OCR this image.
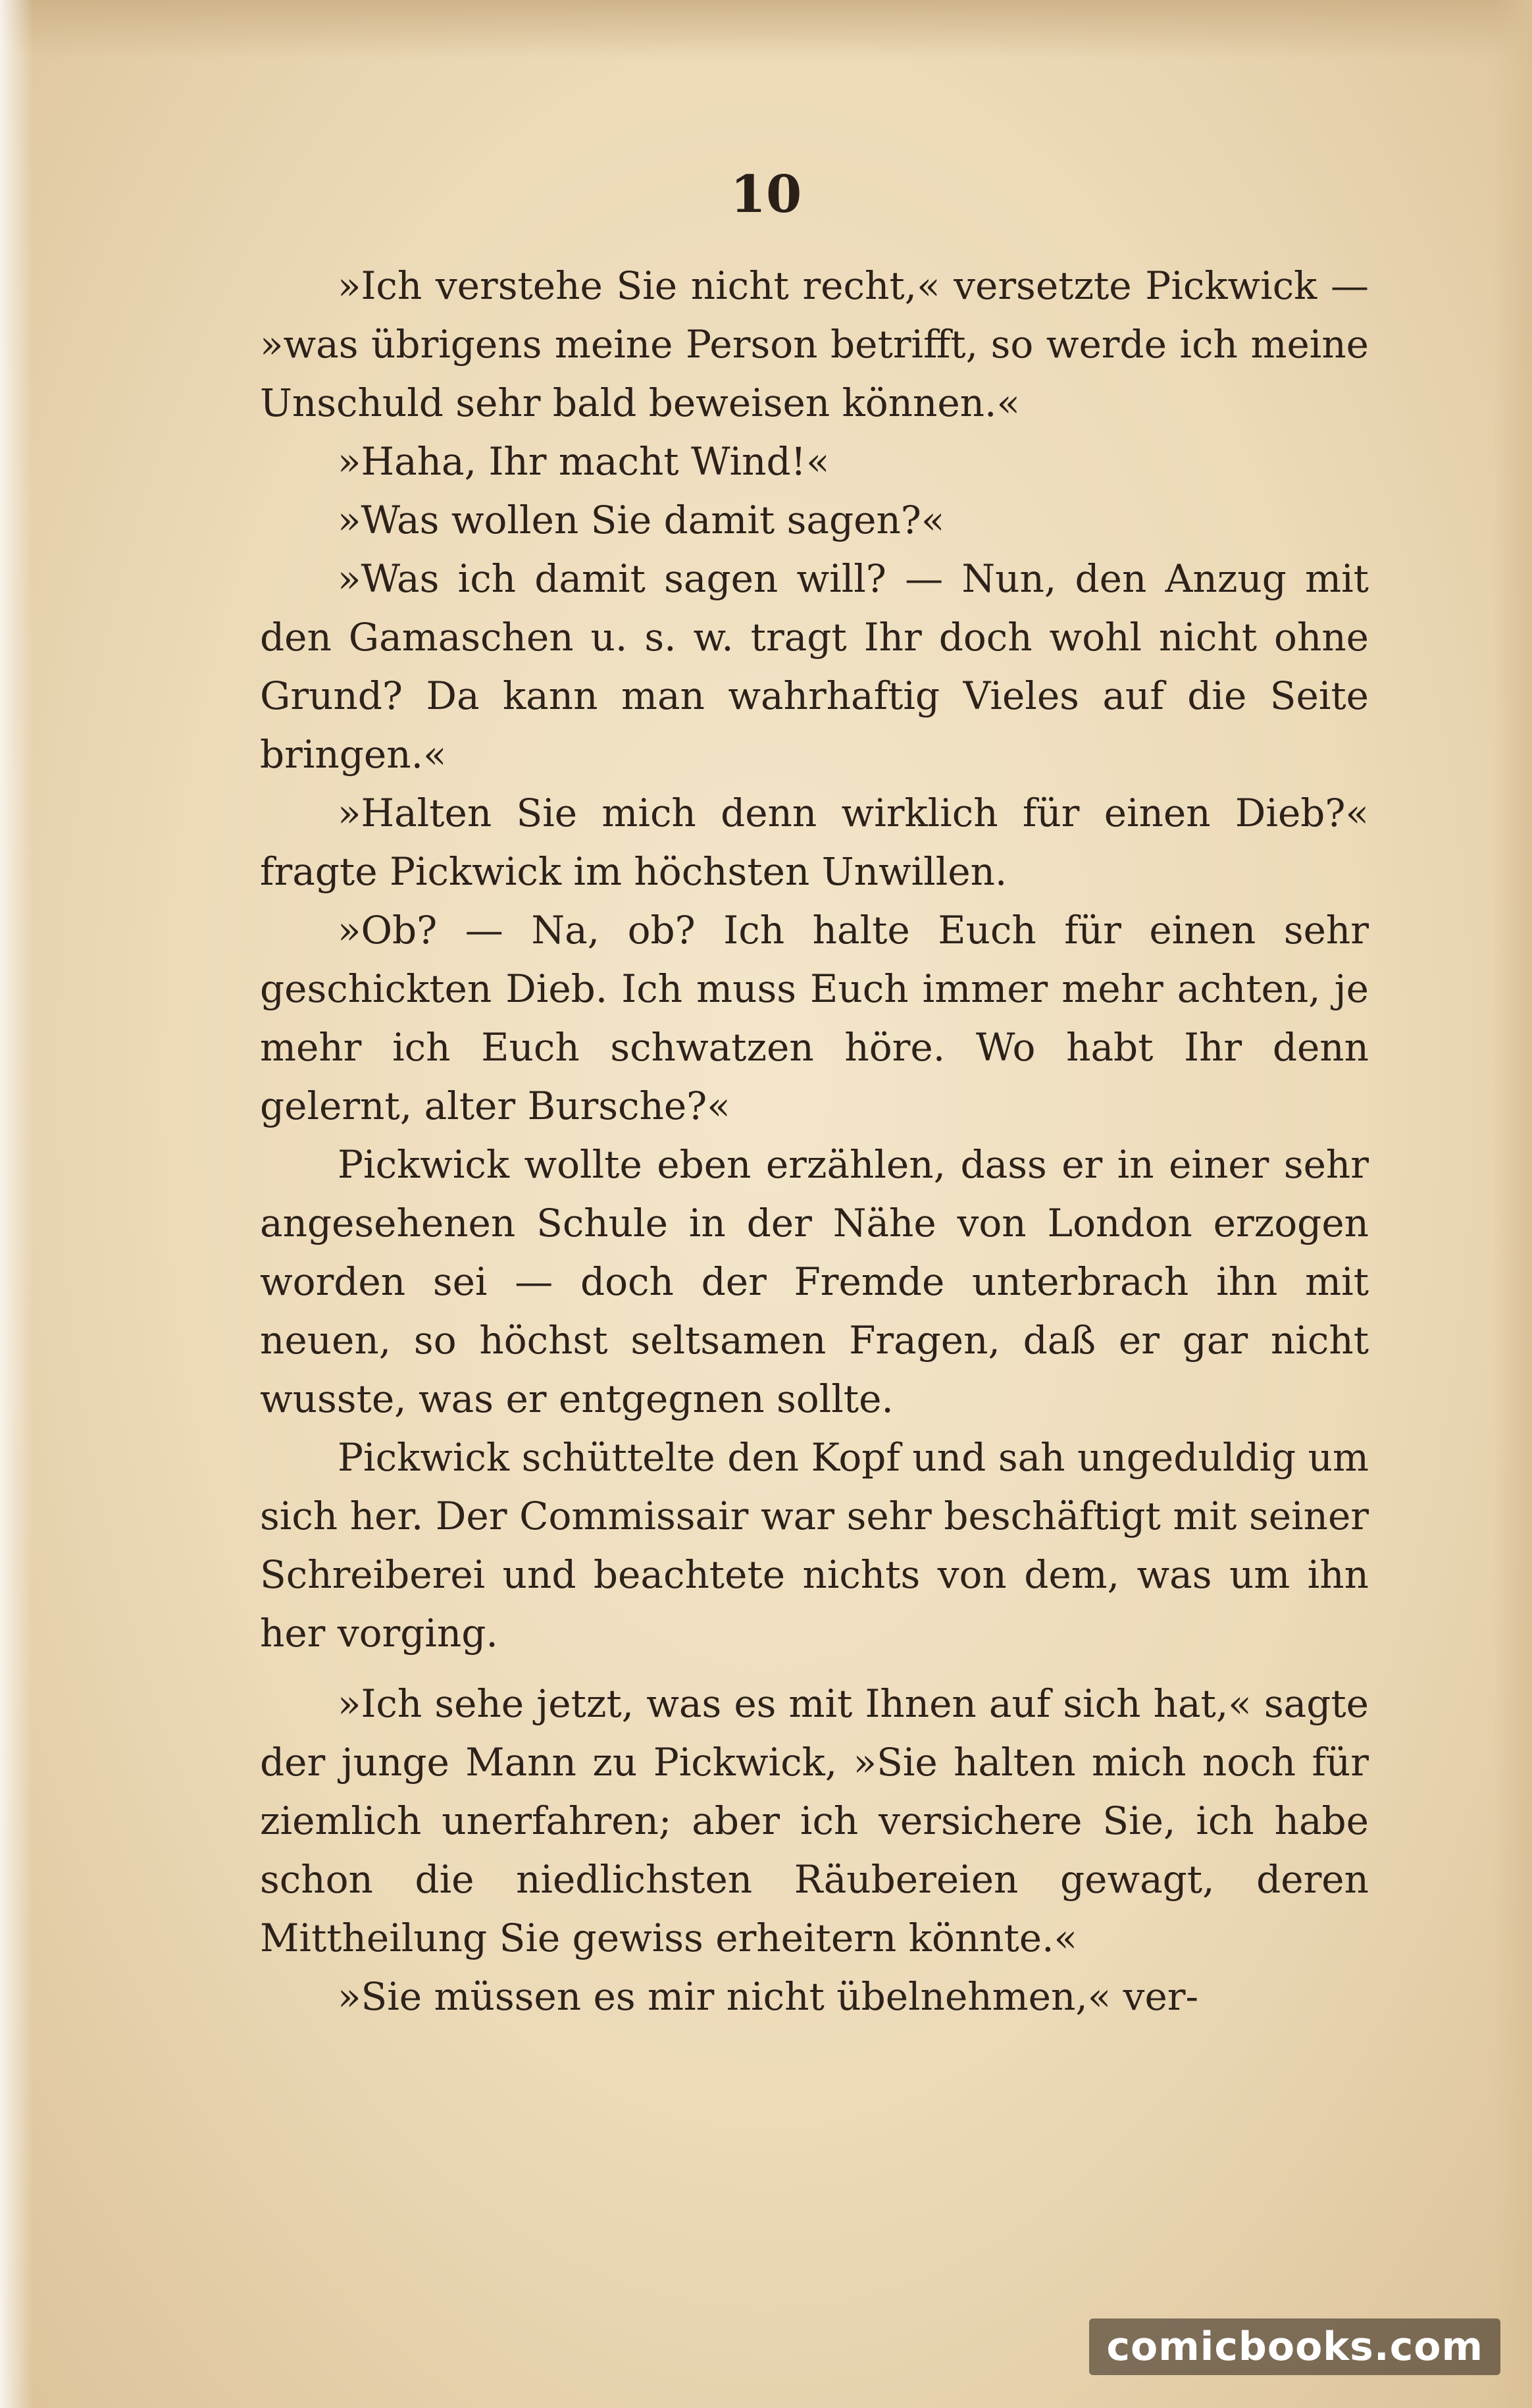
10

»Ich verstehe Sie nicht recht,« versetzte Pickwick — »was übrigens meine Person betrifft, so werde ich meine Unschuld sehr bald beweisen können.«

»Haha, Ihr macht Wind!«

»Was wollen Sie damit sagen?«

»Was ich damit sagen will? — Nun, den Anzug mit den Gamaschen u. s. w. tragt Ihr doch wohl nicht ohne Grund? Da kann man wahrhaftig Vieles auf die Seite bringen.«

»Halten Sie mich denn wirklich für einen Dieb?« fragte Pickwick im höchsten Unwillen.

»Ob? — Na, ob? Ich halte Euch für einen sehr geschickten Dieb. Ich muss Euch immer mehr achten, je mehr ich Euch schwatzen höre. Wo habt Ihr denn gelernt, alter Bursche?«

Pickwick wollte eben erzählen, dass er in einer sehr angesehenen Schule in der Nähe von London erzogen worden sei — doch der Fremde unterbrach ihn mit neuen, so höchst seltsamen Fragen, daß er gar nicht wusste, was er entgegnen sollte.

Pickwick schüttelte den Kopf und sah ungeduldig um sich her. Der Commissair war sehr beschäftigt mit seiner Schreiberei und beachtete nichts von dem, was um ihn her vorging.

»Ich sehe jetzt, was es mit Ihnen auf sich hat,« sagte der junge Mann zu Pickwick, »Sie halten mich noch für ziemlich unerfahren; aber ich versichere Sie, ich habe schon die niedlichsten Räubereien gewagt, deren Mittheilung Sie gewiss erheitern könnte.«

»Sie müssen es mir nicht übelnehmen,« ver-

comicbooks.com
